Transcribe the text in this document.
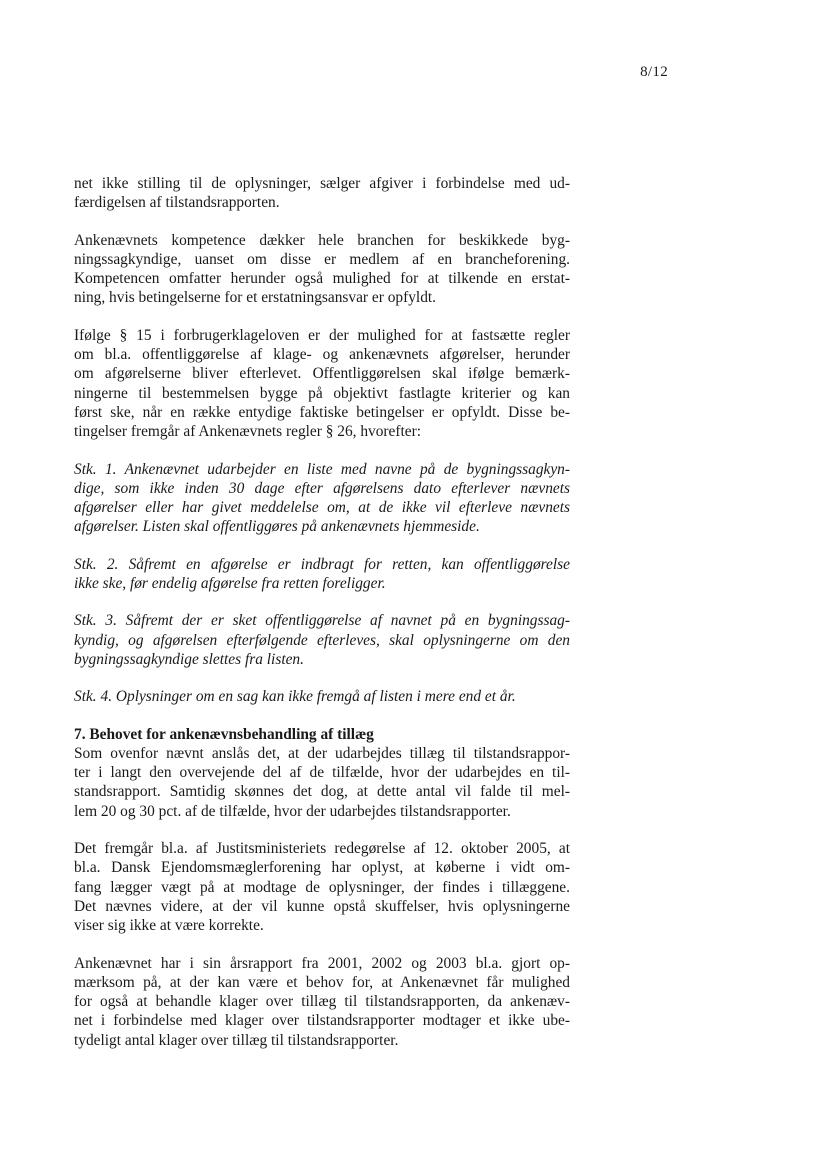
8/12
net ikke stilling til de oplysninger, sælger afgiver i forbindelse med ud-
færdigelsen af tilstandsrapporten.
Ankenævnets kompetence dækker hele branchen for beskikkede byg-
ningssagkyndige, uanset om disse er medlem af en brancheforening.
Kompetencen omfatter herunder også mulighed for at tilkende en erstat-
ning, hvis betingelserne for et erstatningsansvar er opfyldt.
Ifølge § 15 i forbrugerklageloven er der mulighed for at fastsætte regler
om bl.a. offentliggørelse af klage- og ankenævnets afgørelser, herunder
om afgørelserne bliver efterlevet. Offentliggørelsen skal ifølge bemærk-
ningerne til bestemmelsen bygge på objektivt fastlagte kriterier og kan
først ske, når en række entydige faktiske betingelser er opfyldt. Disse be-
tingelser fremgår af Ankenævnets regler § 26, hvorefter:
Stk. 1. Ankenævnet udarbejder en liste med navne på de bygningssagkyn-
dige, som ikke inden 30 dage efter afgørelsens dato efterlever nævnets
afgørelser eller har givet meddelelse om, at de ikke vil efterleve nævnets
afgørelser. Listen skal offentliggøres på ankenævnets hjemmeside.
Stk. 2. Såfremt en afgørelse er indbragt for retten, kan offentliggørelse
ikke ske, før endelig afgørelse fra retten foreligger.
Stk. 3. Såfremt der er sket offentliggørelse af navnet på en bygningssag-
kyndig, og afgørelsen efterfølgende efterleves, skal oplysningerne om den
bygningssagkyndige slettes fra listen.
Stk. 4. Oplysninger om en sag kan ikke fremgå af listen i mere end et år.
7. Behovet for ankenævnsbehandling af tillæg
Som ovenfor nævnt anslås det, at der udarbejdes tillæg til tilstandsrappor-
ter i langt den overvejende del af de tilfælde, hvor der udarbejdes en til-
standsrapport. Samtidig skønnes det dog, at dette antal vil falde til mel-
lem 20 og 30 pct. af de tilfælde, hvor der udarbejdes tilstandsrapporter.
Det fremgår bl.a. af Justitsministeriets redegørelse af 12. oktober 2005, at
bl.a. Dansk Ejendomsmæglerforening har oplyst, at køberne i vidt om-
fang lægger vægt på at modtage de oplysninger, der findes i tillæggene.
Det nævnes videre, at der vil kunne opstå skuffelser, hvis oplysningerne
viser sig ikke at være korrekte.
Ankenævnet har i sin årsrapport fra 2001, 2002 og 2003 bl.a. gjort op-
mærksom på, at der kan være et behov for, at Ankenævnet får mulighed
for også at behandle klager over tillæg til tilstandsrapporten, da ankenæv-
net i forbindelse med klager over tilstandsrapporter modtager et ikke ube-
tydeligt antal klager over tillæg til tilstandsrapporter.
